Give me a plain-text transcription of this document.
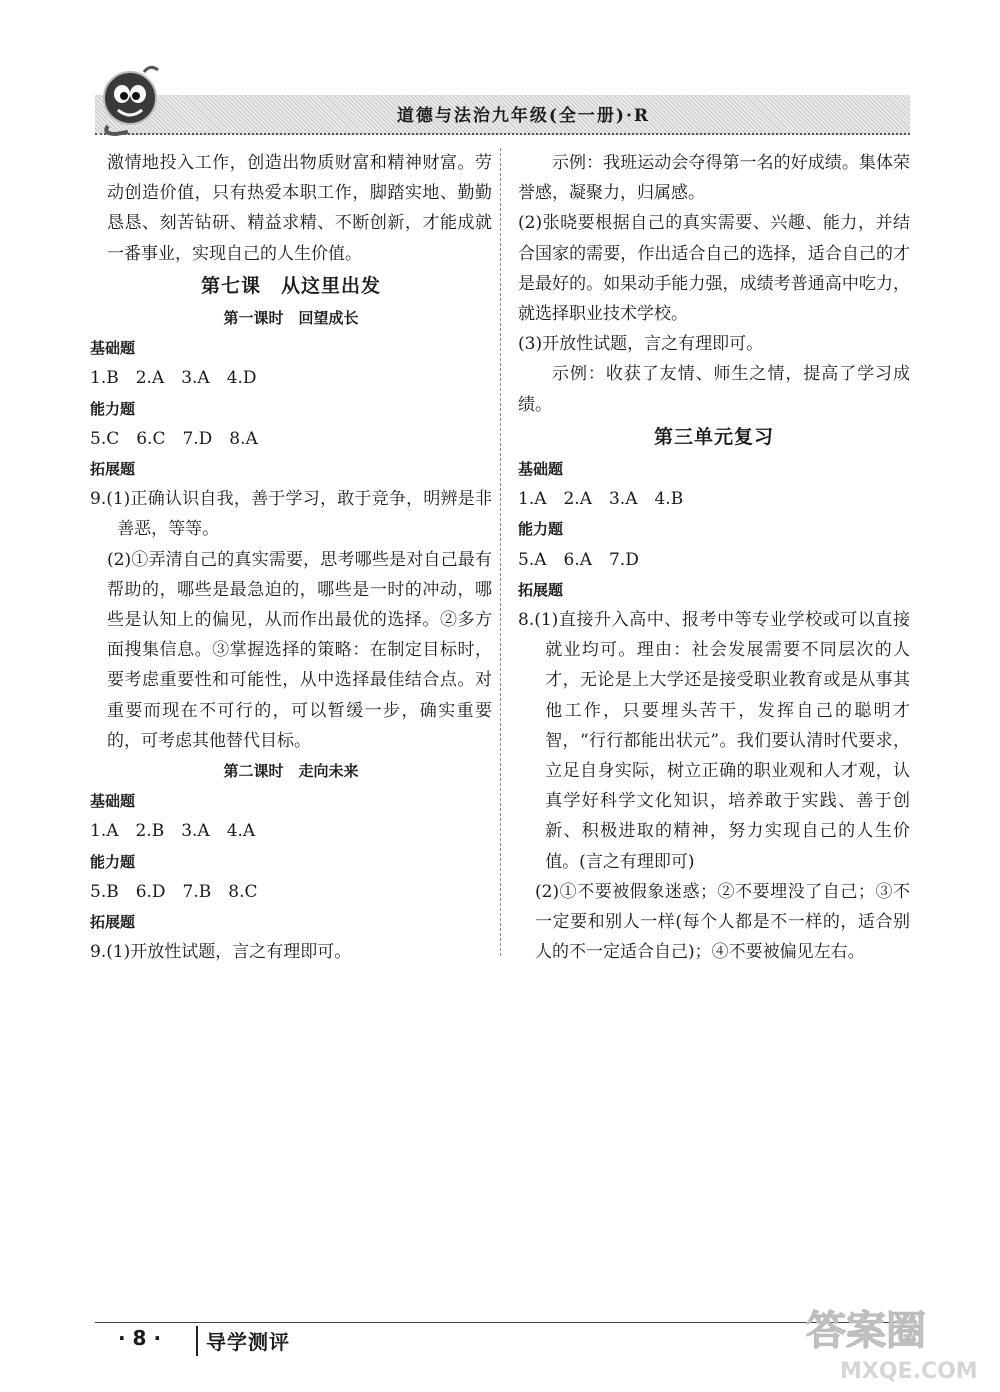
道德与法治九年级(全一册)·R

激情地投入工作，创造出物质财富和精神财富。劳动创造价值，只有热爱本职工作，脚踏实地、勤勤恳恳、刻苦钻研、精益求精、不断创新，才能成就一番事业，实现自己的人生价值。

第七课　从这里出发
第一课时　回望成长
基础题

1.B　2.A　3.A　4.D

能力题

5.C　6.C　7.D　8.A

拓展题

9.(1)正确认识自我，善于学习，敢于竞争，明辨是非善恶，等等。

(2)①弄清自己的真实需要，思考哪些是对自己最有帮助的，哪些是最急迫的，哪些是一时的冲动，哪些是认知上的偏见，从而作出最优的选择。②多方面搜集信息。③掌握选择的策略：在制定目标时，要考虑重要性和可能性，从中选择最佳结合点。对重要而现在不可行的，可以暂缓一步，确实重要的，可考虑其他替代目标。

第二课时　走向未来
基础题

1.A　2.B　3.A　4.A

能力题

5.B　6.D　7.B　8.C

拓展题

9.(1)开放性试题，言之有理即可。

示例：我班运动会夺得第一名的好成绩。集体荣誉感，凝聚力，归属感。

(2)张晓要根据自己的真实需要、兴趣、能力，并结合国家的需要，作出适合自己的选择，适合自己的才是最好的。如果动手能力强，成绩考普通高中吃力，就选择职业技术学校。

(3)开放性试题，言之有理即可。

示例：收获了友情、师生之情，提高了学习成绩。

第三单元复习
基础题

1.A　2.A　3.A　4.B

能力题

5.A　6.A　7.D

拓展题

8.(1)直接升入高中、报考中等专业学校或可以直接就业均可。理由：社会发展需要不同层次的人才，无论是上大学还是接受职业教育或是从事其他工作，只要埋头苦干，发挥自己的聪明才智，“行行都能出状元”。我们要认清时代要求，立足自身实际，树立正确的职业观和人才观，认真学好科学文化知识，培养敢于实践、善于创新、积极进取的精神，努力实现自己的人生价值。(言之有理即可)

(2)①不要被假象迷惑；②不要埋没了自己；③不一定要和别人一样(每个人都是不一样的，适合别人的不一定适合自己)；④不要被偏见左右。

· 8 · 导学测评	答案圈
MXQE.COM
